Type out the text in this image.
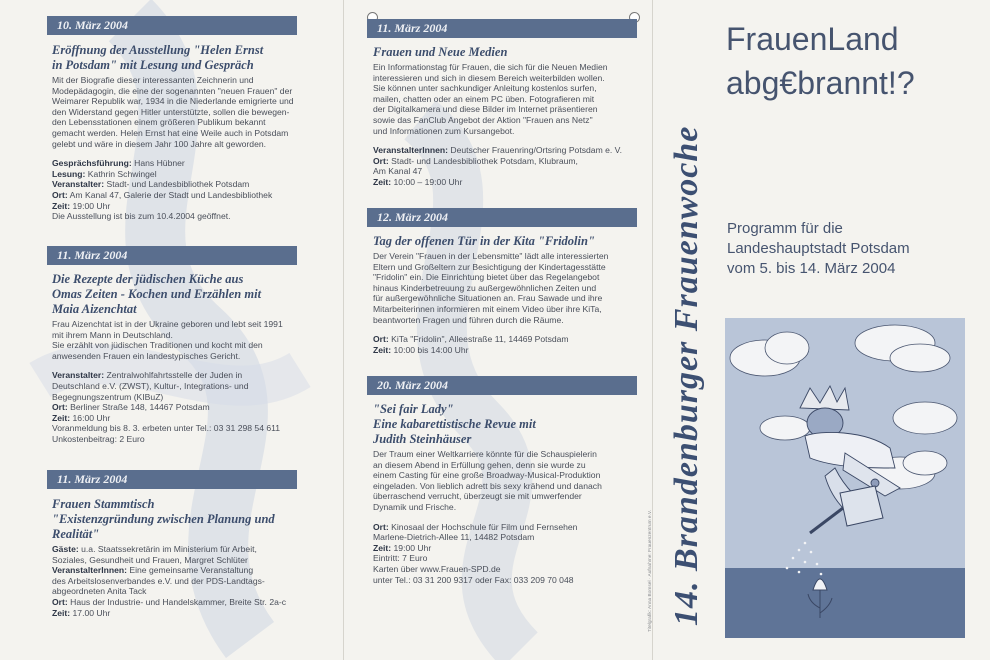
10. März 2004

Eröffnung der Ausstellung "Helen Ernst
in Potsdam" mit Lesung und Gespräch

Mit der Biografie dieser interessanten Zeichnerin und
Modepädagogin, die eine der sogenannten "neuen Frauen" der
Weimarer Republik war, 1934 in die Niederlande emigrierte und
den Widerstand gegen Hitler unterstützte, sollen die bewegen-
den Lebensstationen einem größeren Publikum bekannt
gemacht werden. Helen Ernst hat eine Weile auch in Potsdam
gelebt und wäre in diesem Jahr 100 Jahre alt geworden.

Gesprächsführung: Hans Hübner
Lesung: Kathrin Schwingel
Veranstalter: Stadt- und Landesbibliothek Potsdam
Ort: Am Kanal 47, Galerie der Stadt und Landesbibliothek
Zeit: 19:00 Uhr
Die Ausstellung ist bis zum 10.4.2004 geöffnet.
11. März 2004

Die Rezepte der jüdischen Küche aus
Omas Zeiten - Kochen und Erzählen mit
Maia Aizenchtat

Frau Aizenchtat ist in der Ukraine geboren und lebt seit 1991
mit ihrem Mann in Deutschland.
Sie erzählt von jüdischen Traditionen und kocht mit den
anwesenden Frauen ein landestypisches Gericht.

Veranstalter: Zentralwohlfahrtsstelle der Juden in
Deutschland e.V. (ZWST), Kultur-, Integrations- und
Begegnungszentrum (KIBuZ)
Ort: Berliner Straße 148, 14467 Potsdam
Zeit: 16:00 Uhr
Voranmeldung bis 8. 3. erbeten unter Tel.: 03 31 298 54 611
Unkostenbeitrag: 2 Euro
11. März 2004

Frauen Stammtisch
"Existenzgründung zwischen Planung und
Realität"

Gäste: u.a. Staatssekretärin im Ministerium für Arbeit,
Soziales, Gesundheit und Frauen, Margret Schlüter
VeranstalterInnen: Eine gemeinsame Veranstaltung
des Arbeitslosenverbandes e.V. und der PDS-Landtags-
abgeordneten Anita Tack
Ort: Haus der Industrie- und Handelskammer, Breite Str. 2a-c
Zeit: 17.00 Uhr
11. März 2004

Frauen und Neue Medien

Ein Informationstag für Frauen, die sich für die Neuen Medien
interessieren und sich in diesem Bereich weiterbilden wollen.
Sie können unter sachkundiger Anleitung kostenlos surfen,
mailen, chatten oder an einem PC üben. Fotografieren mit
der Digitalkamera und diese Bilder im Internet präsentieren
sowie das FanClub Angebot der Aktion "Frauen ans Netz"
und Informationen zum Kursangebot.

VeranstalterInnen: Deutscher Frauenring/Ortsring Potsdam e. V.
Ort: Stadt- und Landesbibliothek Potsdam, Klubraum,
Am Kanal 47
Zeit: 10:00 – 19:00 Uhr
12. März 2004

Tag der offenen Tür in der Kita "Fridolin"

Der Verein "Frauen in der Lebensmitte" lädt alle interessierten
Eltern und Großeltern zur Besichtigung der Kindertagesstätte
"Fridolin" ein. Die Einrichtung bietet über das Regelangebot
hinaus Kinderbetreuung zu außergewöhnlichen Zeiten und
für außergewöhnliche Situationen an. Frau Sawade und ihre
Mitarbeiterinnen informieren mit einem Video über ihre KiTa,
beantworten Fragen und führen durch die Räume.

Ort: KiTa "Fridolin", Alleestraße 11, 14469 Potsdam
Zeit: 10:00 bis 14:00 Uhr
20. März 2004

"Sei fair Lady"
Eine kabarettistische Revue mit
Judith Steinhäuser

Der Traum einer Weltkarriere könnte für die Schauspielerin
an diesem Abend in Erfüllung gehen, denn sie wurde zu
einem Casting für eine große Broadway-Musical-Produktion
eingeladen. Von lieblich adrett bis sexy krähend und danach
überraschend verrucht, überzeugt sie mit umwerfender
Dynamik und Frische.

Ort: Kinosaal der Hochschule für Film und Fernsehen
Marlene-Dietrich-Allee 11, 14482 Potsdam
Zeit: 19:00 Uhr
Eintritt: 7 Euro
Karten über www.Frauen-SPD.de
unter Tel.: 03 31 200 9317 oder Fax: 033 209 70 048	14. Brandenburger Frauenwoche
Titelgrafik: Anna Bomsel · Aufnahme: Frauenzentrum e.V.
FrauenLand
abg€brannt!?
Programm für die
Landeshauptstadt Potsdam
vom 5. bis 14. März 2004
